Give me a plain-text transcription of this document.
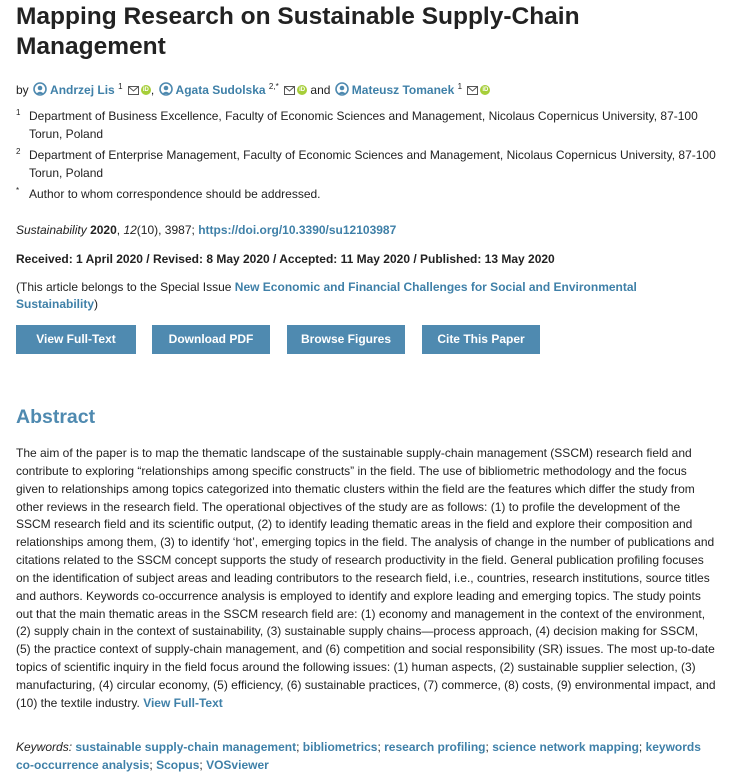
Mapping Research on Sustainable Supply-Chain Management
by Andrzej Lis $^1$	iD , Agata Sudolska $^{2,*}$	iD and Mateusz Tomanek $^1$	iD
1 Department of Business Excellence, Faculty of Economic Sciences and Management, Nicolaus Copernicus University, 87-100 Torun, Poland
2 Department of Enterprise Management, Faculty of Economic Sciences and Management, Nicolaus Copernicus University, 87-100 Torun, Poland
* Author to whom correspondence should be addressed.
Sustainability 2020, 12(10), 3987; https://doi.org/10.3390/su12103987
Received: 1 April 2020 / Revised: 8 May 2020 / Accepted: 11 May 2020 / Published: 13 May 2020
(This article belongs to the Special Issue New Economic and Financial Challenges for Social and Environmental Sustainability)
View Full-Text	Download PDF	Browse Figures	Cite This Paper
Abstract
The aim of the paper is to map the thematic landscape of the sustainable supply-chain management (SSCM) research field and contribute to exploring “relationships among specific constructs” in the field. The use of bibliometric methodology and the focus given to relationships among topics categorized into thematic clusters within the field are the features which differ the study from other reviews in the research field. The operational objectives of the study are as follows: (1) to profile the development of the SSCM research field and its scientific output, (2) to identify leading thematic areas in the field and explore their composition and relationships among them, (3) to identify ‘hot’, emerging topics in the field. The analysis of change in the number of publications and citations related to the SSCM concept supports the study of research productivity in the field. General publication profiling focuses on the identification of subject areas and leading contributors to the research field, i.e., countries, research institutions, source titles and authors. Keywords co-occurrence analysis is employed to identify and explore leading and emerging topics. The study points out that the main thematic areas in the SSCM research field are: (1) economy and management in the context of the environment, (2) supply chain in the context of sustainability, (3) sustainable supply chains—process approach, (4) decision making for SSCM, (5) the practice context of supply-chain management, and (6) competition and social responsibility (SR) issues. The most up-to-date topics of scientific inquiry in the field focus around the following issues: (1) human aspects, (2) sustainable supplier selection, (3) manufacturing, (4) circular economy, (5) efficiency, (6) sustainable practices, (7) commerce, (8) costs, (9) environmental impact, and (10) the textile industry. View Full-Text
Keywords: sustainable supply-chain management; bibliometrics; research profiling; science network mapping; keywords co-occurrence analysis; Scopus; VOSviewer
